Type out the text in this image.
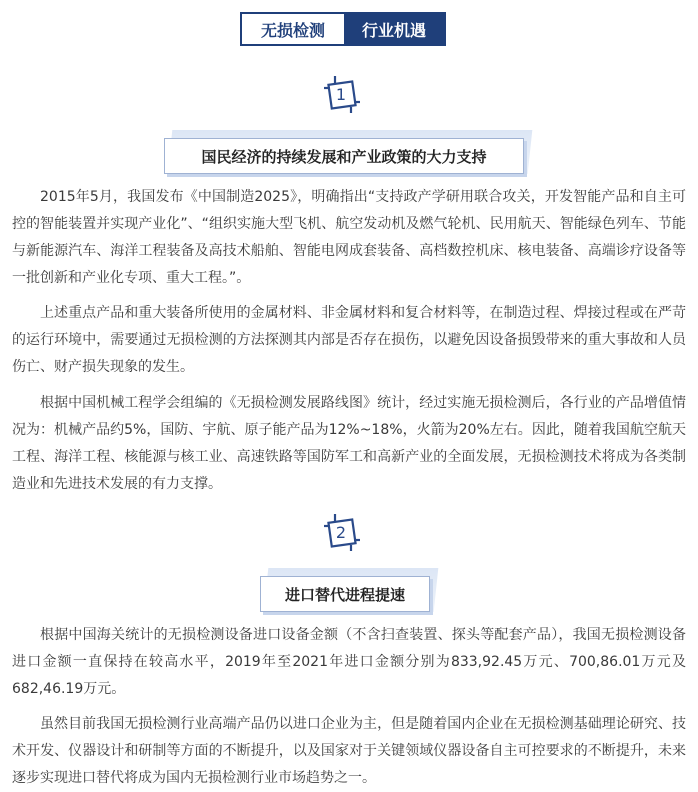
无损检测	行业机遇
1
国民经济的持续发展和产业政策的大力支持

2015年5月，我国发布《中国制造2025》，明确指出“支持政产学研用联合攻关，开发智能产品和自主可控的智能装置并实现产业化”、“组织实施大型飞机、航空发动机及燃气轮机、民用航天、智能绿色列车、节能与新能源汽车、海洋工程装备及高技术船舶、智能电网成套装备、高档数控机床、核电装备、高端诊疗设备等一批创新和产业化专项、重大工程。”。

上述重点产品和重大装备所使用的金属材料、非金属材料和复合材料等，在制造过程、焊接过程或在严苛的运行环境中，需要通过无损检测的方法探测其内部是否存在损伤，以避免因设备损毁带来的重大事故和人员伤亡、财产损失现象的发生。

根据中国机械工程学会组编的《无损检测发展路线图》统计，经过实施无损检测后，各行业的产品增值情况为：机械产品约5%，国防、宇航、原子能产品为12%~18%，火箭为20%左右。因此，随着我国航空航天工程、海洋工程、核能源与核工业、高速铁路等国防军工和高新产业的全面发展，无损检测技术将成为各类制造业和先进技术发展的有力支撑。

2
进口替代进程提速

根据中国海关统计的无损检测设备进口设备金额（不含扫查装置、探头等配套产品），我国无损检测设备进口金额一直保持在较高水平，2019年至2021年进口金额分别为833,92.45万元、700,86.01万元及682,46.19万元。

虽然目前我国无损检测行业高端产品仍以进口企业为主，但是随着国内企业在无损检测基础理论研究、技术开发、仪器设计和研制等方面的不断提升，以及国家对于关键领域仪器设备自主可控要求的不断提升，未来逐步实现进口替代将成为国内无损检测行业市场趋势之一。
